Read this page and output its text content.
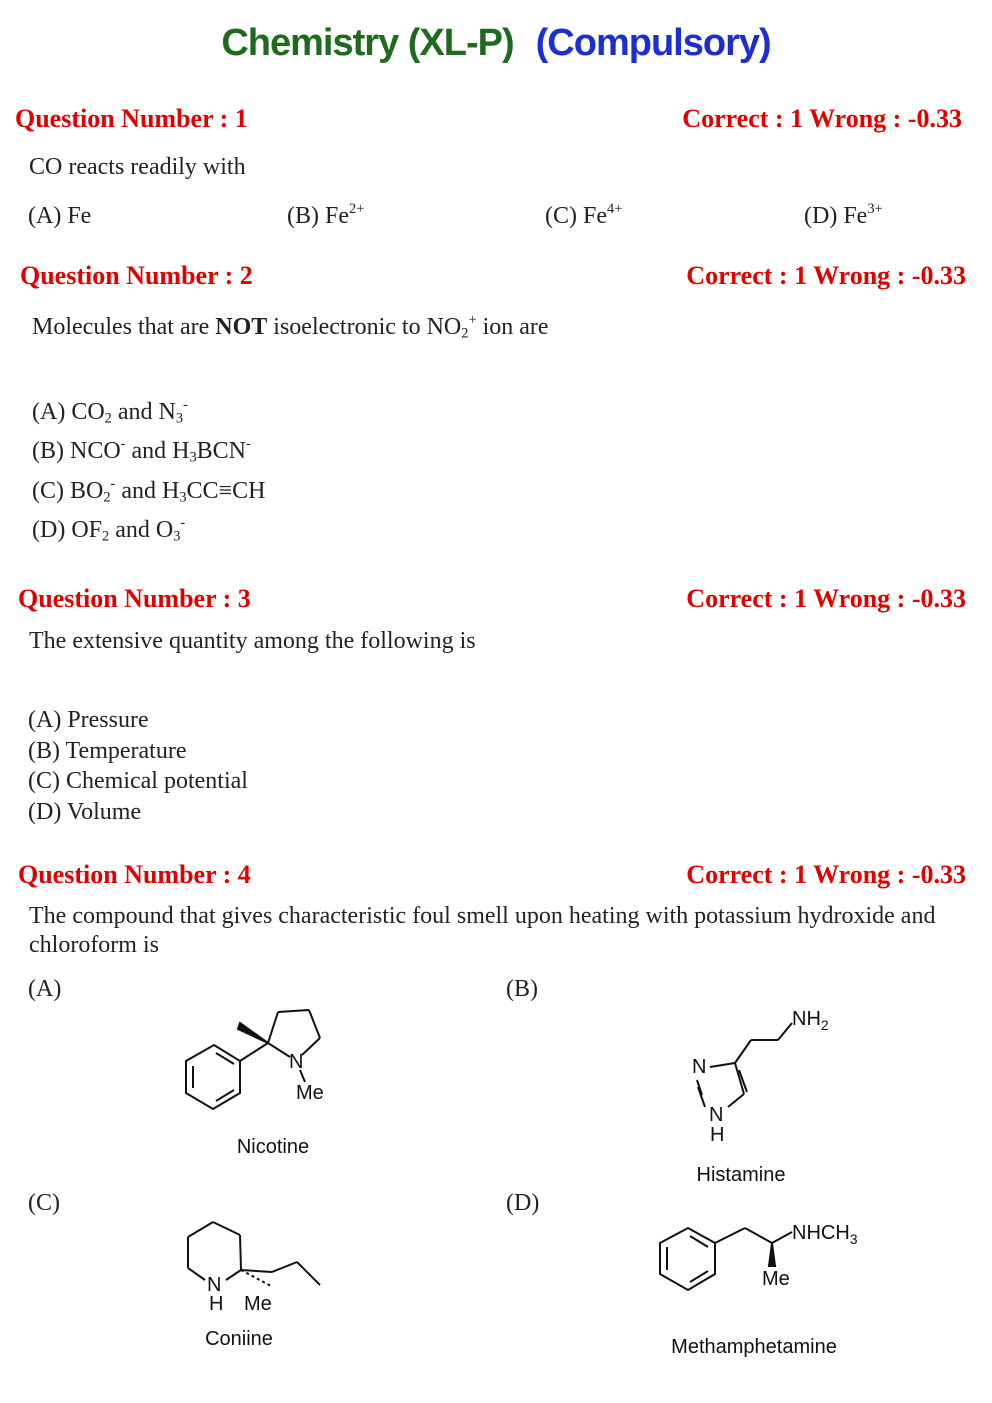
Chemistry (XL-P) (Compulsory)
Question Number : 1	Correct : 1 Wrong : -0.33
CO reacts readily with
(A) Fe	(B) $Fe^{2+}$	(C) $Fe^{4+}$	(D) $Fe^{3+}$
Question Number : 2	Correct : 1 Wrong : -0.33
Molecules that are NOT isoelectronic to $NO_2^+$ ion are
(A) $CO_2$ and $N_3^-$
(B) NCO- and $H_3BCN^-$
(C) $BO_2^-$ and $H_3CC\equiv CH$
(D) $OF_2$ and $O_3^-$
Question Number : 3	Correct : 1 Wrong : -0.33
The extensive quantity among the following is
(A) Pressure
(B) Temperature
(C) Chemical potential
(D) Volume
Question Number : 4	Correct : 1 Wrong : -0.33
The compound that gives characteristic foul smell upon heating with potassium hydroxide and chloroform is
(A)	(B)
(C)	(D)
N
Me
$NH_2$
N
N
H
N
H Me
$NHCH_3$
Me
Nicotine
Histamine
Coniine	Methamphetamine
